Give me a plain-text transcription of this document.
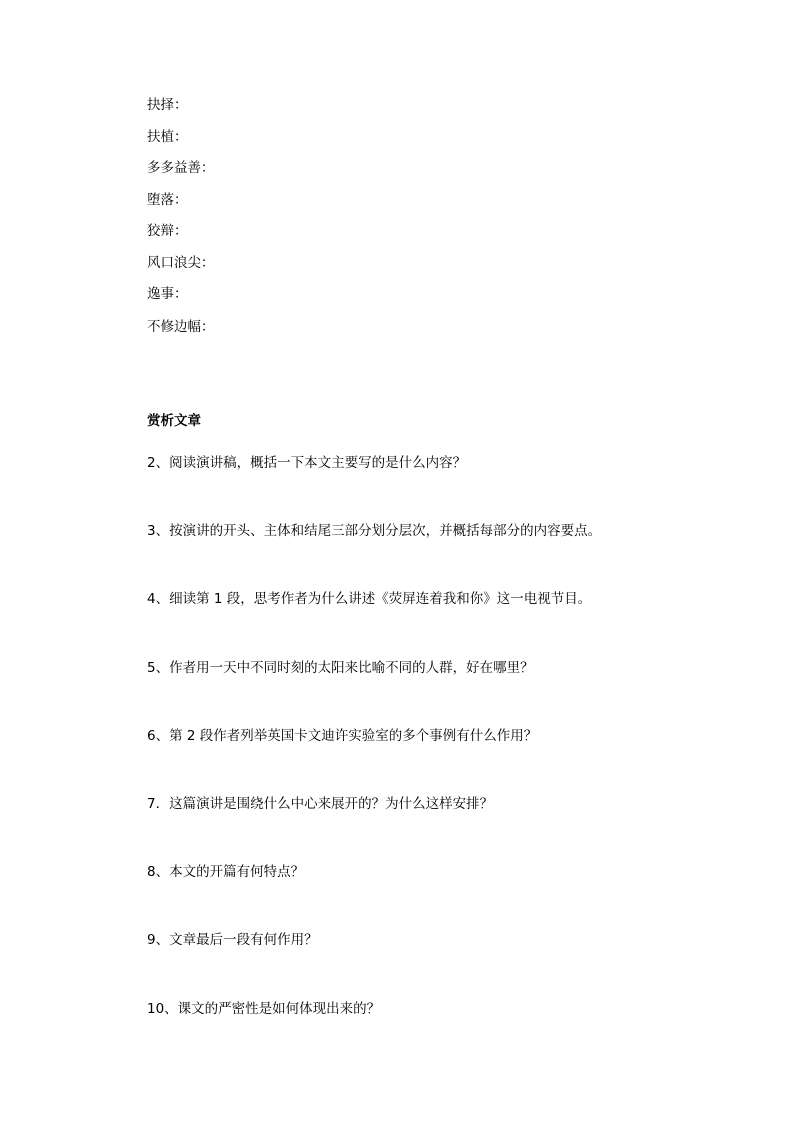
抉择：
扶植：
多多益善：
堕落：
狡辩：
风口浪尖：
逸事：
不修边幅：
赏析文章
2、阅读演讲稿，概括一下本文主要写的是什么内容？
3、按演讲的开头、主体和结尾三部分划分层次，并概括每部分的内容要点。
4、细读第 1 段，思考作者为什么讲述《荧屏连着我和你》这一电视节目。
5、作者用一天中不同时刻的太阳来比喻不同的人群，好在哪里？
6、第 2 段作者列举英国卡文迪许实验室的多个事例有什么作用？
7．这篇演讲是围绕什么中心来展开的？为什么这样安排？
8、本文的开篇有何特点？
9、文章最后一段有何作用？
10、课文的严密性是如何体现出来的？
